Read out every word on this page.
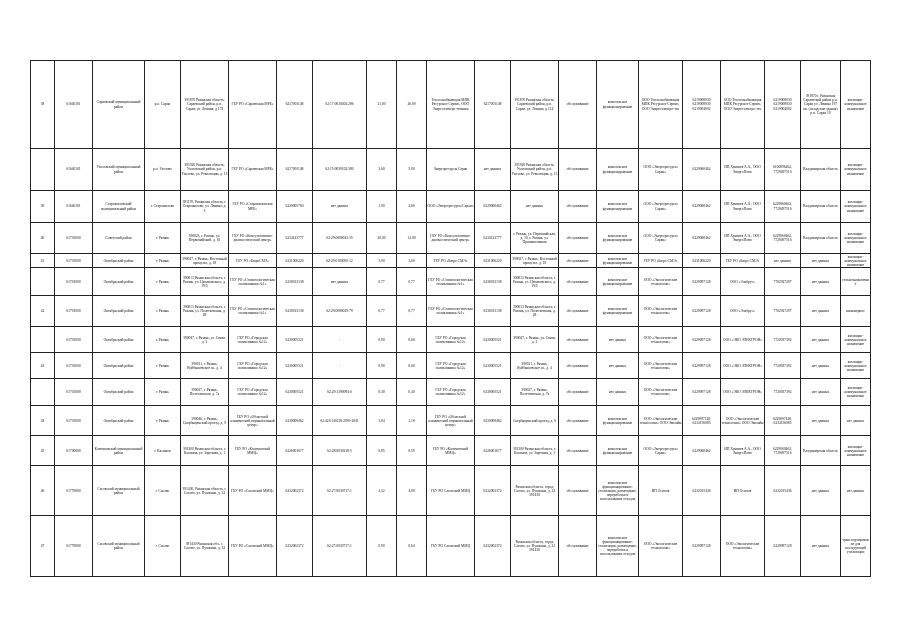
38	61640101	Сараевский муниципальный район	р.п. Сараи	391870 Рязанская область, Сараевский район, р.п. Сараи, ул. Ленина, д.174	ГБУ РО «Сараевская МРБ»	6217001148	62:17:0010402:286	21,00	26,00	Теплоснабжающая МПК Ресурсное Сервис, ООО Энергоэлектро-техника	6217001148	391870 Рязанская область, Сараевский район, р.п. Сараи, ул. Ленина, д.114	обслуживание	комплексное функционирование	ООО Теплоснабжающая МПК Ресурсное Сервис, ООО Энергоэлектро-тех	6219008030 6219008030 6219004692	ООО Теплоснабжающая МПК Ресурсное Сервис, ООО Энергоэлектро-тех	6219008030 6219008030 6219004692	391870 г. Рязанская Сараевский район р.п. Сараи ул. Ленина 197 кв. (складские здания) р.п. Сараи 10	жилищно-коммунальное назначение
	61640101	Ухоловский муниципальный район	р.п. Ухолово	391920 Рязанская область, Ухоловский район, р.п. Ухолово, ул. Революции, д. 13	ГБУ РО «Сараевская МРБ»	6217001148	62:15:0030102:380	3,60	5,00	Энергоресурсы Сараи	нет данных	391920 Рязанская область, Ухоловский район, р.п. Ухолово, ул. Революции, д. 13	обслуживание	комплексное функционирование	ООО «Энергоресурсы Сараи»	6229060462	ИП Хунвиев А.А., ООО ЭнергоПлюс	6106096262, 7729497516	Владимирская область	жилищно-коммунальное назначение
39	61640101	Старожиловский муниципальный район	г. Старожилово	391170, Рязанская область, г. Старожилово, ул. Ленина, д. 3	ГБУ РО «Старожиловская МРБ»	6220005700	нет данных	1,90	2,60	ООО «Энергоресурсы Сараи»	6229060462	нет данных	обслуживание	комплексное функционирование	ООО «Энергоресурсы Сараи»	6229060462	ИП Хунвиев А.А., ООО ЭнергоПлюс	6229060462, 7729497516	Владимирская область	жилищно-коммунальное назначение
40	61701000	Советский район	г. Рязань	390023, г. Рязань, ул. Первомайский, д. 10	ГБУ РО «Консультативно-диагностический центр»	6234123777	62:29:0080025:35	20,00	12,00	ГБУ РО «Консультативно-диагностический центр»	6234123777	г. Рязань, ул. Первомайская, д. 10, г. Рязань, ул. Промышленная	обслуживание	комплексное функционирование	ООО «Энергоресурсы Сараи»	6229060462	ИП Хунвиев А.А., ООО ЭнергоПлюс	6229060462, 7729497516	Владимирская область	жилищно-коммунальное назначение
41	61701000	Октябрьский район	г. Рязань	390027, г. Рязань, Восточный промузел, д. 18	ГБУ РО «БюроСМЭ»	6231006220	62:29:0100095:12	3,90	2,60	ГБУ РО «Бюро СМЭ»	6231006220	390027, г. Рязань, Восточный промузел, д. 18	обслуживание	комплексное функционирование	ГБУ РО «Бюро СМЭ»	6231006220	ГБУ РО «Бюро СМЭ»	нет данных	нет данных	жилищно-коммунальное назначение
	61701000	Октябрьский район	г. Рязань	390013 Рязанская область, г. Рязань, ул. Циолковского, д. 19/5	ГБУ РО «Стоматологическая поликлиника №1»	6230013138	нет данных	0,77	0,77	ГБУ РО «Стоматологическая поликлиника №1»	6230013138	390013 Рязанская область, г. Рязань, ул. Циолковского, д. 19/5	обслуживание	комплексное функционирование	ООО «Экологические технологии»	6229097128	ООО «Эльбрус»	7702927297	нет данных	сельхозназначение
42	61701000	Октябрьский район	г. Рязань	390013 Рязанская область, г. Рязань, ул. Полетаевская, д. 28	ГБУ РО «Стоматологическая поликлиника №1»	6230013138	62:29:0080029:79	0,77	0,77	ГБУ РО «Стоматологическая поликлиника №1»	6230013138	390013 Рязанская область, г. Рязань, ул. Полетаевская, д. 28	обслуживание	комплексное функционирование	ООО «Экологические технологии»	6229097128	ООО «Эльбрус»	7702927297	нет данных	инженерное
	61701000	Октябрьский район	г. Рязань	390047, г. Рязань, ул. Связи, д. 3	ГБУ РО «Городская поликлиника №12»	6230005521	-	0,90	0,60	ГБУ РО «Городская поликлиника №12»	6230005521	390047, г. Рязань, ул. Связи, д. 3	обслуживание	нет данных	ООО «Экологические технологии»	6229097128	ООО «ЭКО ЭЛЕКТРОН»	7720037392	нет данных	жилищно-коммунальное назначение
43	61701000	Октябрьский район	г. Рязань	390011, г. Рязань, Куйбышевское ш., д. 4	ГБУ РО «Городская поликлиника №12»	6230005521	-	0,90	0,60	ГБУ РО «Городская поликлиника №12»	6230005521	390011, г. Рязань, Куйбышевское ш., д. 4	обслуживание	нет данных	ООО «Экологические технологии»	6229097128	ООО «ЭКО ЭЛЕКТРОН»	7720037392	нет данных	жилищно-коммунальное назначение
	61701000	Октябрьский район	г. Рязань	390027, г. Рязань, Полетаевская, д. 7а	ГБУ РО «Городская поликлиника №12»	6230005521	62:29:1390094:6	0,40	0,40	ГБУ РО «Городская поликлиника №12»	6230005521	390027, г. Рязань, Полетаевская, д. 7а	обслуживание	нет данных	ООО «Экологические технологии»	6229097128	ООО «ЭКО ЭЛЕКТРОН»	7720037392	нет данных	жилищно-коммунальное назначение
44	61701000	Октябрьский район	г. Рязань	390046, г. Рязань, Скорбященский проезд, д. 9	ГБУ РО «Областной клинический перинатальный центр»	6230009462	62:42:0140218:2039-2841	3,04	2,18	ГБУ РО «Областной клинический перинатальный центр»	6230009462	Скорбященский проезд, д. 9	обслуживание	комплексное функционирование	ООО «Экологические технологии» ООО Эколайн	6229097128, 6234156085	ООО «Экологические технологии» ООО Эколайн	6229097128, 6234156085	нет данных	нет данных
45	61700000	Клепиковский муниципальный район	г. Касимов	391300 Рязанская область, г. Касимов, ул. Заречная, д. 1	ГБУ РО «Касимовский ММЦ»	6226001677	62:28:0030218:5	0,85	0,59	ГБУ РО «Касимовский ММЦ»	6226001677	391300 Рязанская область, г. Касимов, ул. Заречная, д. 1	обслуживание	комплексное функционирование	ООО «Энергоресурсы Сараи»	6229060462	ИП Хунвиев А.А., ООО ЭнергоПлюс	6229060462, 7729497516	Владимирская область	жилищно-коммунальное назначение
46	61770000	Сасовский муниципальный район	г. Сасово	391430, Рязанская область, г. Сасово, ул. Пушкина, д. 32	ГБУ РО «Сасовский ММЦ»	6232002372	62:27:0030717:1	2,32	4,00	ГБУ РО Сасовский ММЦ	6232002372	Рязанская область, город Сасово, ул. Пушкина, д. 32 391430	обслуживание	комплексное функционирование: утилизация, размещение, переработка и использование отходов	ИП Осипов	6232015436	ИП Осипов	6232015436	нет данных	нет данных
47	61770000	Сасовский муниципальный район	г. Сасово	391430 Рязанская обл., г. Сасово, ул. Пушкина, д. 32	ГБУ РО «Сасовский ММЦ»	6232002372	62:27:0030717:1	0,90	0,64	ГБУ РО Сасовский ММЦ	6232002372	Рязанская область, город Сасово, ул. Пушкина, д. 32 391430	обслуживание	комплексное функционирование: утилизация, размещение, переработка и использование отходов	ООО «Экологические технологии»	6229097128	ООО «Экологические технологии»	6229097128	нет данных	транспортирование для последующей утилизации
